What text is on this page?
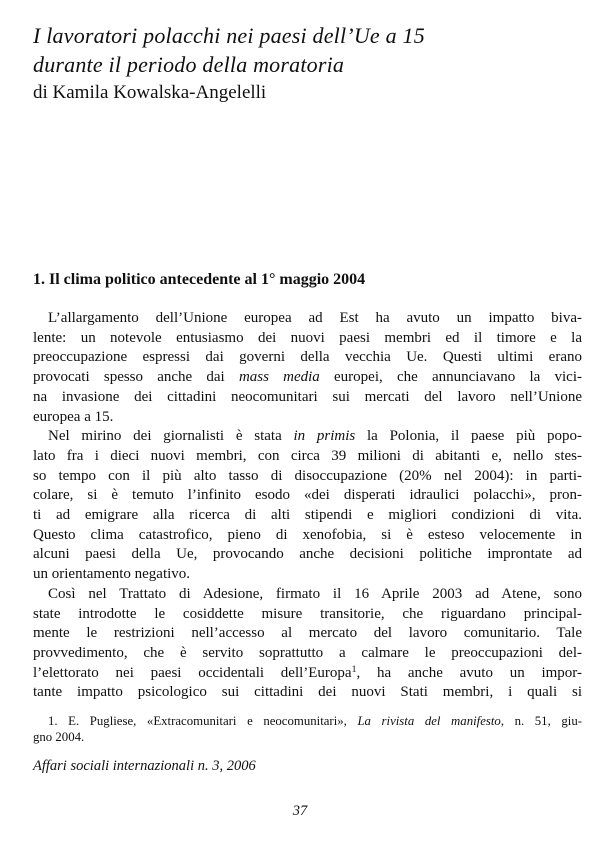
I lavoratori polacchi nei paesi dell’Ue a 15
durante il periodo della moratoria
di Kamila Kowalska-Angelelli
1. Il clima politico antecedente al 1° maggio 2004
L’allargamento dell’Unione europea ad Est ha avuto un impatto biva-
lente: un notevole entusiasmo dei nuovi paesi membri ed il timore e la
preoccupazione espressi dai governi della vecchia Ue. Questi ultimi erano
provocati spesso anche dai mass media europei, che annunciavano la vici-
na invasione dei cittadini neocomunitari sui mercati del lavoro nell’Unione
europea a 15.
Nel mirino dei giornalisti è stata in primis la Polonia, il paese più popo-
lato fra i dieci nuovi membri, con circa 39 milioni di abitanti e, nello stes-
so tempo con il più alto tasso di disoccupazione (20% nel 2004): in parti-
colare, si è temuto l’infinito esodo «dei disperati idraulici polacchi», pron-
ti ad emigrare alla ricerca di alti stipendi e migliori condizioni di vita.
Questo clima catastrofico, pieno di xenofobia, si è esteso velocemente in
alcuni paesi della Ue, provocando anche decisioni politiche improntate ad
un orientamento negativo.
Così nel Trattato di Adesione, firmato il 16 Aprile 2003 ad Atene, sono
state introdotte le cosiddette misure transitorie, che riguardano principal-
mente le restrizioni nell’accesso al mercato del lavoro comunitario. Tale
provvedimento, che è servito soprattutto a calmare le preoccupazioni del-
l’elettorato nei paesi occidentali dell’Europa$^1$, ha anche avuto un impor-
tante impatto psicologico sui cittadini dei nuovi Stati membri, i quali si
1. E. Pugliese, «Extracomunitari e neocomunitari», La rivista del manifesto, n. 51, giu-
gno 2004.
Affari sociali internazionali n. 3, 2006
37
